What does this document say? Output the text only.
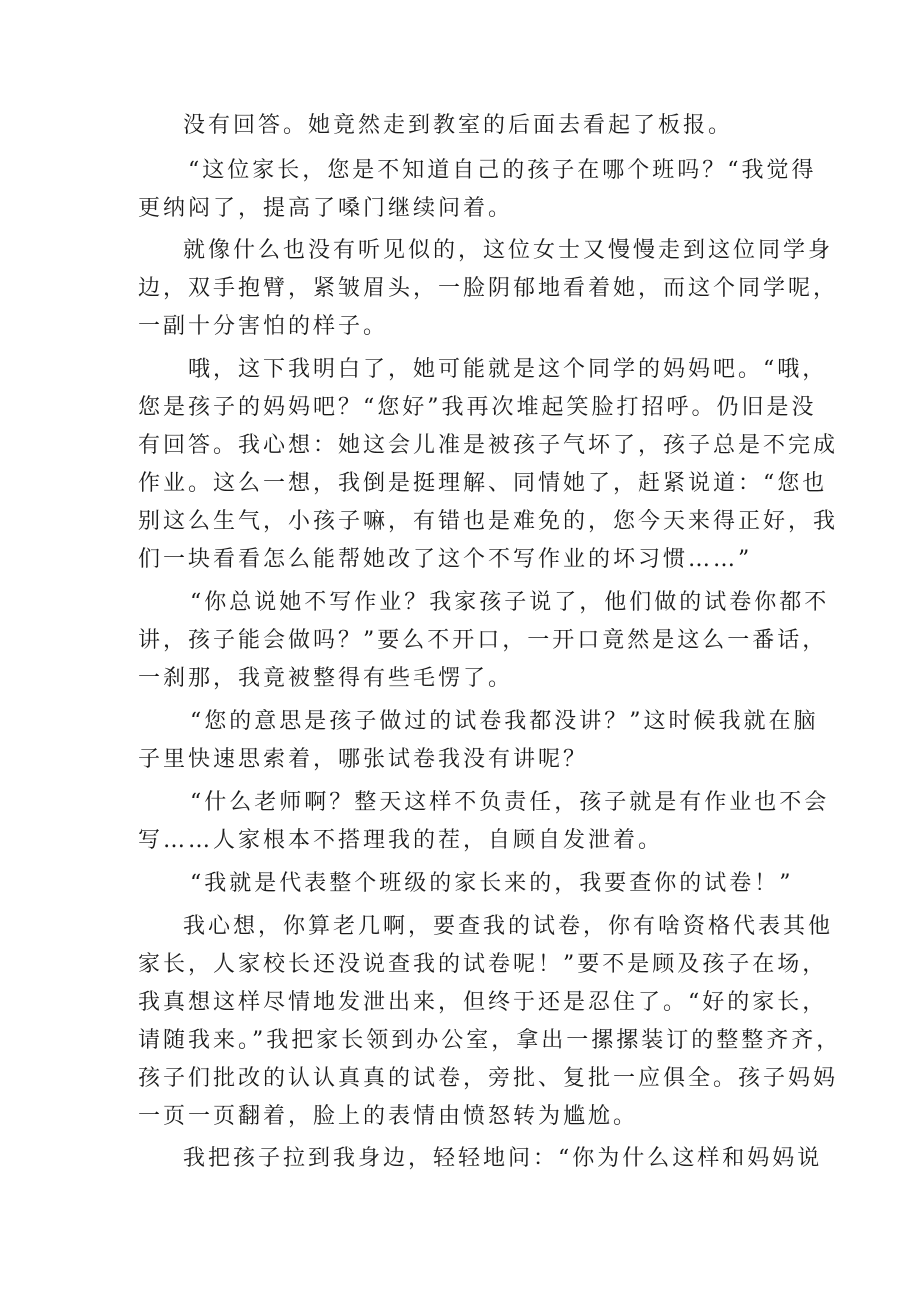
没有回答。她竟然走到教室的后面去看起了板报。
“这位家长，您是不知道自己的孩子在哪个班吗？“我觉得
更纳闷了，提高了嗓门继续问着。
就像什么也没有听见似的，这位女士又慢慢走到这位同学身
边，双手抱臂，紧皱眉头，一脸阴郁地看着她，而这个同学呢，
一副十分害怕的样子。
哦，这下我明白了，她可能就是这个同学的妈妈吧。“哦，
您是孩子的妈妈吧？“您好”我再次堆起笑脸打招呼。仍旧是没
有回答。我心想：她这会儿准是被孩子气坏了，孩子总是不完成
作业。这么一想，我倒是挺理解、同情她了，赶紧说道：“您也
别这么生气，小孩子嘛，有错也是难免的，您今天来得正好，我
们一块看看怎么能帮她改了这个不写作业的坏习惯……”
“你总说她不写作业？我家孩子说了，他们做的试卷你都不
讲，孩子能会做吗？”要么不开口，一开口竟然是这么一番话，
一刹那，我竟被整得有些毛愣了。
“您的意思是孩子做过的试卷我都没讲？”这时候我就在脑
子里快速思索着，哪张试卷我没有讲呢？
“什么老师啊？整天这样不负责任，孩子就是有作业也不会
写……人家根本不搭理我的茬，自顾自发泄着。
“我就是代表整个班级的家长来的，我要查你的试卷！”
我心想，你算老几啊，要查我的试卷，你有啥资格代表其他
家长，人家校长还没说查我的试卷呢！”要不是顾及孩子在场，
我真想这样尽情地发泄出来，但终于还是忍住了。“好的家长，
请随我来。”我把家长领到办公室，拿出一摞摞装订的整整齐齐，
孩子们批改的认认真真的试卷，旁批、复批一应俱全。孩子妈妈
一页一页翻着，脸上的表情由愤怒转为尴尬。
我把孩子拉到我身边，轻轻地问：“你为什么这样和妈妈说
